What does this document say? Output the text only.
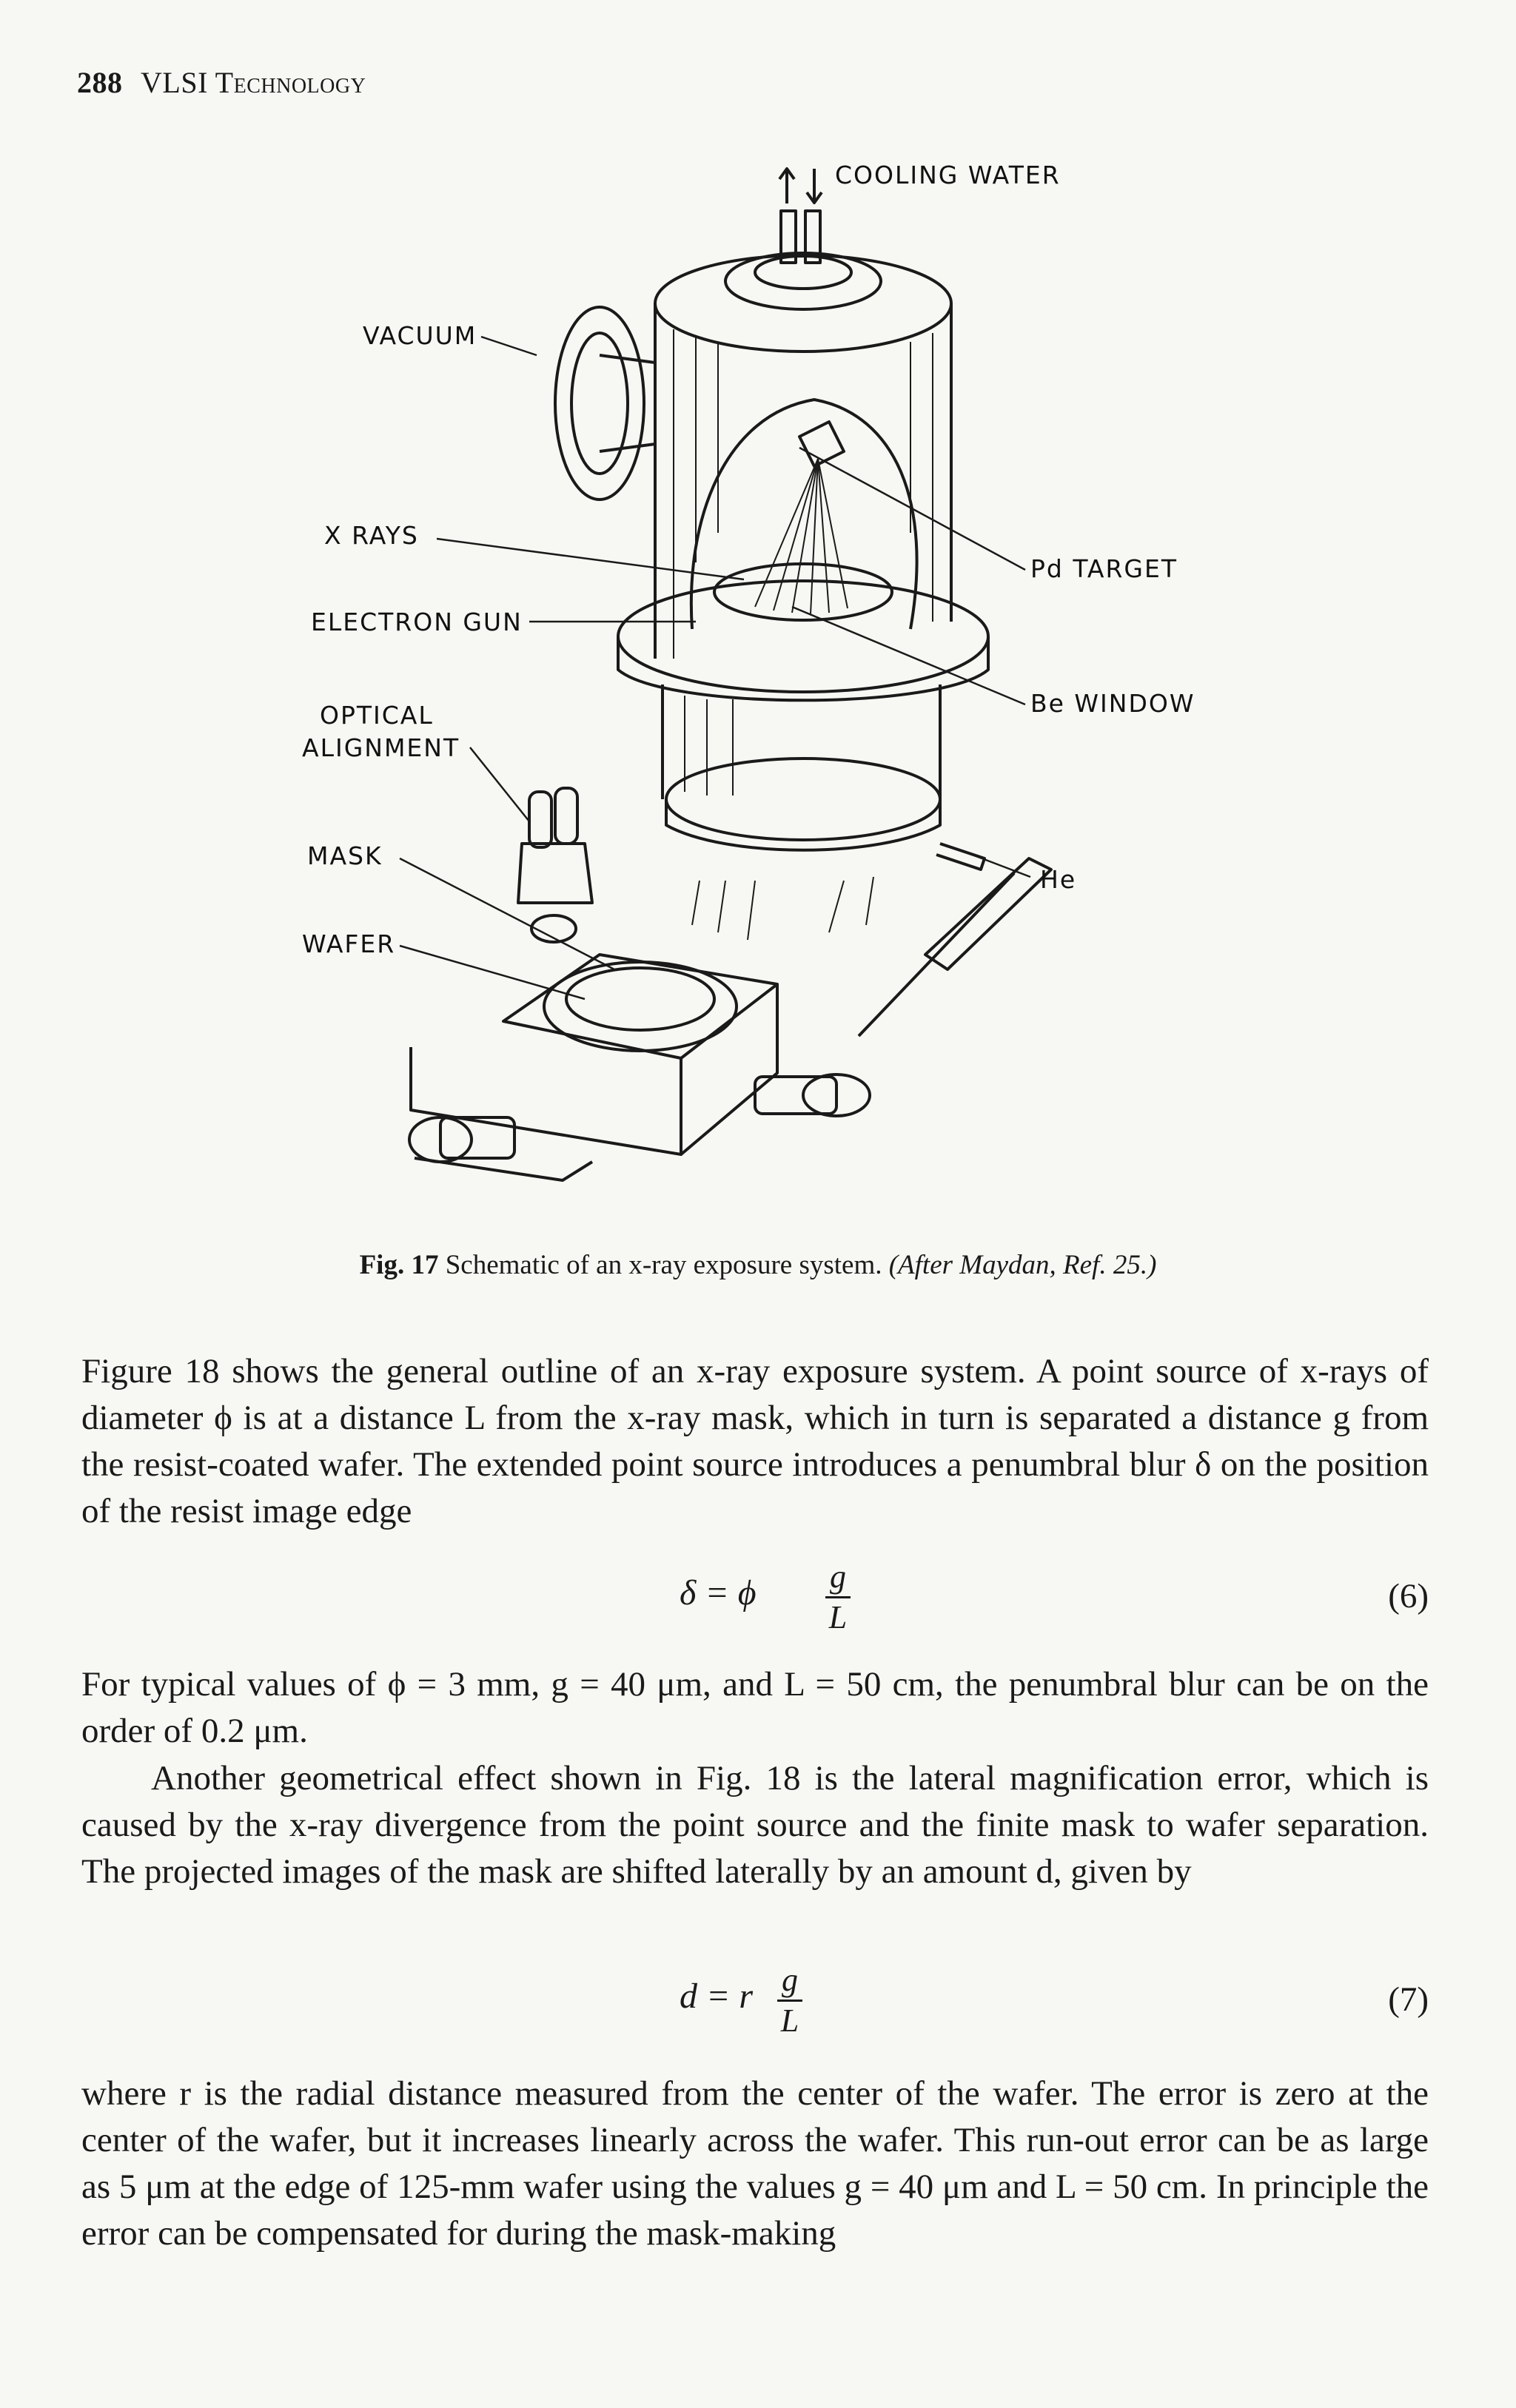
288 VLSI Technology
COOLING WATER
VACUUM
X RAYS
ELECTRON GUN
OPTICAL
ALIGNMENT
MASK
WAFER
Pd TARGET
Be WINDOW
He
Fig. 17 Schematic of an x-ray exposure system. (After Maydan, Ref. 25.)

Figure 18 shows the general outline of an x-ray exposure system. A point source of x-rays of diameter ϕ is at a distance L from the x-ray mask, which in turn is separated a distance g from the resist-coated wafer. The extended point source introduces a penumbral blur δ on the position of the resist image edge

δ = ϕ $\frac{g}{L}$	(6)

For typical values of ϕ = 3 mm, g = 40 μm, and L = 50 cm, the penumbral blur can be on the order of 0.2 μm.

Another geometrical effect shown in Fig. 18 is the lateral magnification error, which is caused by the x-ray divergence from the point source and the finite mask to wafer separation. The projected images of the mask are shifted laterally by an amount d, given by

d = r $\frac{g}{L}$	(7)

where r is the radial distance measured from the center of the wafer. The error is zero at the center of the wafer, but it increases linearly across the wafer. This run-out error can be as large as 5 μm at the edge of 125-mm wafer using the values g = 40 μm and L = 50 cm. In principle the error can be compensated for during the mask-making
